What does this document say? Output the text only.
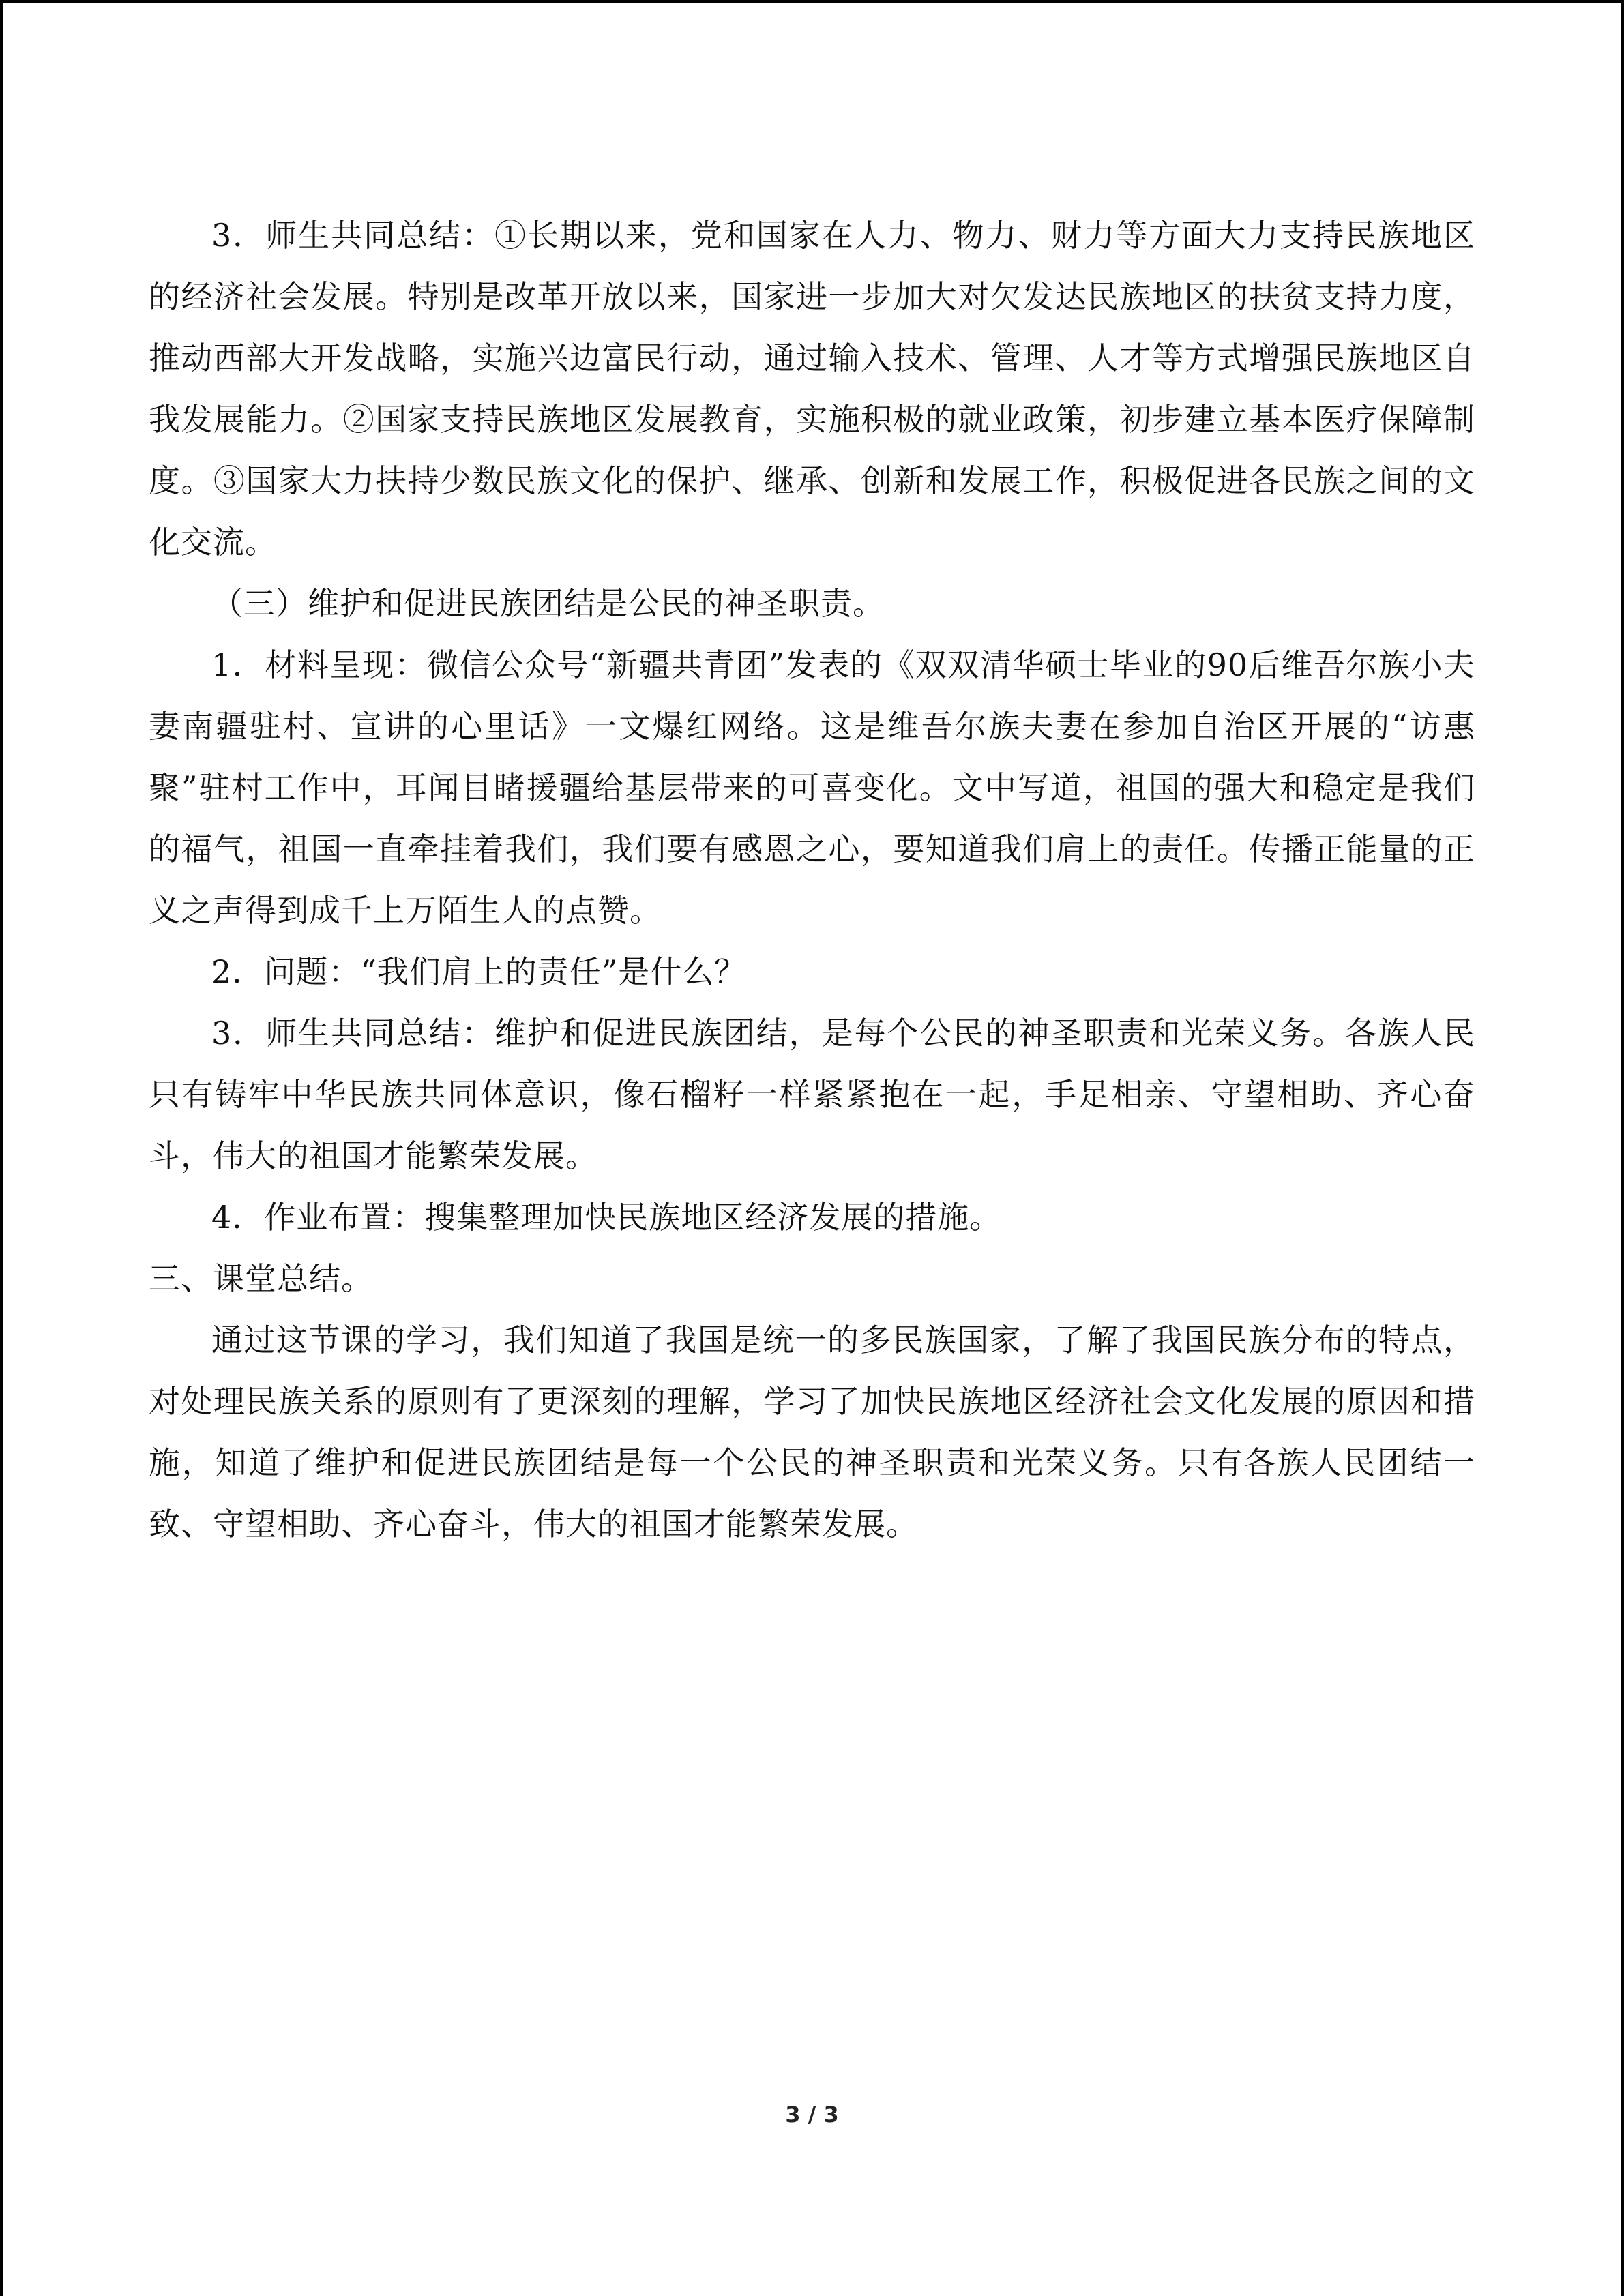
3．师生共同总结：①长期以来，党和国家在人力、物力、财力等方面大力支持民族地区的经济社会发展。特别是改革开放以来，国家进一步加大对欠发达民族地区的扶贫支持力度，推动西部大开发战略，实施兴边富民行动，通过输入技术、管理、人才等方式增强民族地区自我发展能力。②国家支持民族地区发展教育，实施积极的就业政策，初步建立基本医疗保障制度。③国家大力扶持少数民族文化的保护、继承、创新和发展工作，积极促进各民族之间的文化交流。

（三）维护和促进民族团结是公民的神圣职责。

1．材料呈现：微信公众号“新疆共青团”发表的《双双清华硕士毕业的90后维吾尔族小夫妻南疆驻村、宣讲的心里话》一文爆红网络。这是维吾尔族夫妻在参加自治区开展的“访惠聚”驻村工作中，耳闻目睹援疆给基层带来的可喜变化。文中写道，祖国的强大和稳定是我们的福气，祖国一直牵挂着我们，我们要有感恩之心，要知道我们肩上的责任。传播正能量的正义之声得到成千上万陌生人的点赞。

2．问题：“我们肩上的责任”是什么？

3．师生共同总结：维护和促进民族团结，是每个公民的神圣职责和光荣义务。各族人民只有铸牢中华民族共同体意识，像石榴籽一样紧紧抱在一起，手足相亲、守望相助、齐心奋斗，伟大的祖国才能繁荣发展。

4．作业布置：搜集整理加快民族地区经济发展的措施。

三、课堂总结。

通过这节课的学习，我们知道了我国是统一的多民族国家，了解了我国民族分布的特点，对处理民族关系的原则有了更深刻的理解，学习了加快民族地区经济社会文化发展的原因和措施，知道了维护和促进民族团结是每一个公民的神圣职责和光荣义务。只有各族人民团结一致、守望相助、齐心奋斗，伟大的祖国才能繁荣发展。

3 / 3
